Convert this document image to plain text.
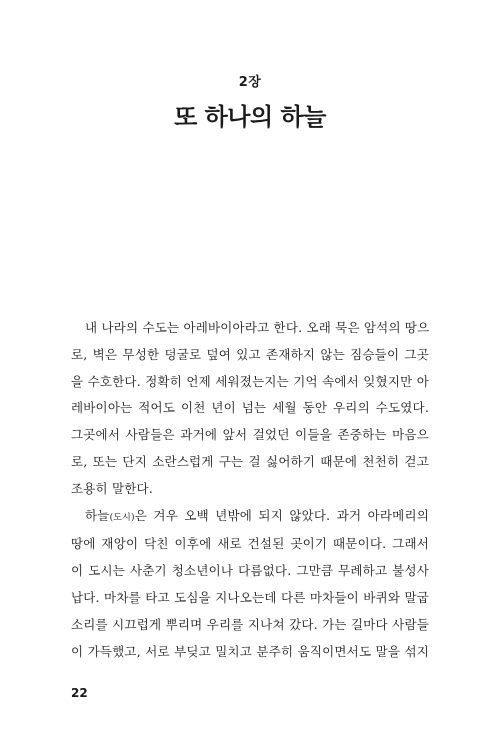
2장
또 하나의 하늘

내 나라의 수도는 아레바이아라고 한다. 오래 묵은 암석의 땅으
로, 벽은 무성한 덩굴로 덮여 있고 존재하지 않는 짐승들이 그곳
을 수호한다. 정확히 언제 세워졌는지는 기억 속에서 잊혔지만 아
레바이아는 적어도 이천 년이 넘는 세월 동안 우리의 수도였다.
그곳에서 사람들은 과거에 앞서 걸었던 이들을 존중하는 마음으
로, 또는 단지 소란스럽게 구는 걸 싫어하기 때문에 천천히 걷고
조용히 말한다.

하늘(도시)은 겨우 오백 년밖에 되지 않았다. 과거 아라메리의
땅에 재앙이 닥친 이후에 새로 건설된 곳이기 때문이다. 그래서
이 도시는 사춘기 청소년이나 다름없다. 그만큼 무례하고 불성사
납다. 마차를 타고 도심을 지나오는데 다른 마차들이 바퀴와 말굽
소리를 시끄럽게 뿌리며 우리를 지나쳐 갔다. 가는 길마다 사람들
이 가득했고, 서로 부딪고 밀치고 분주히 움직이면서도 말을 섞지

22
